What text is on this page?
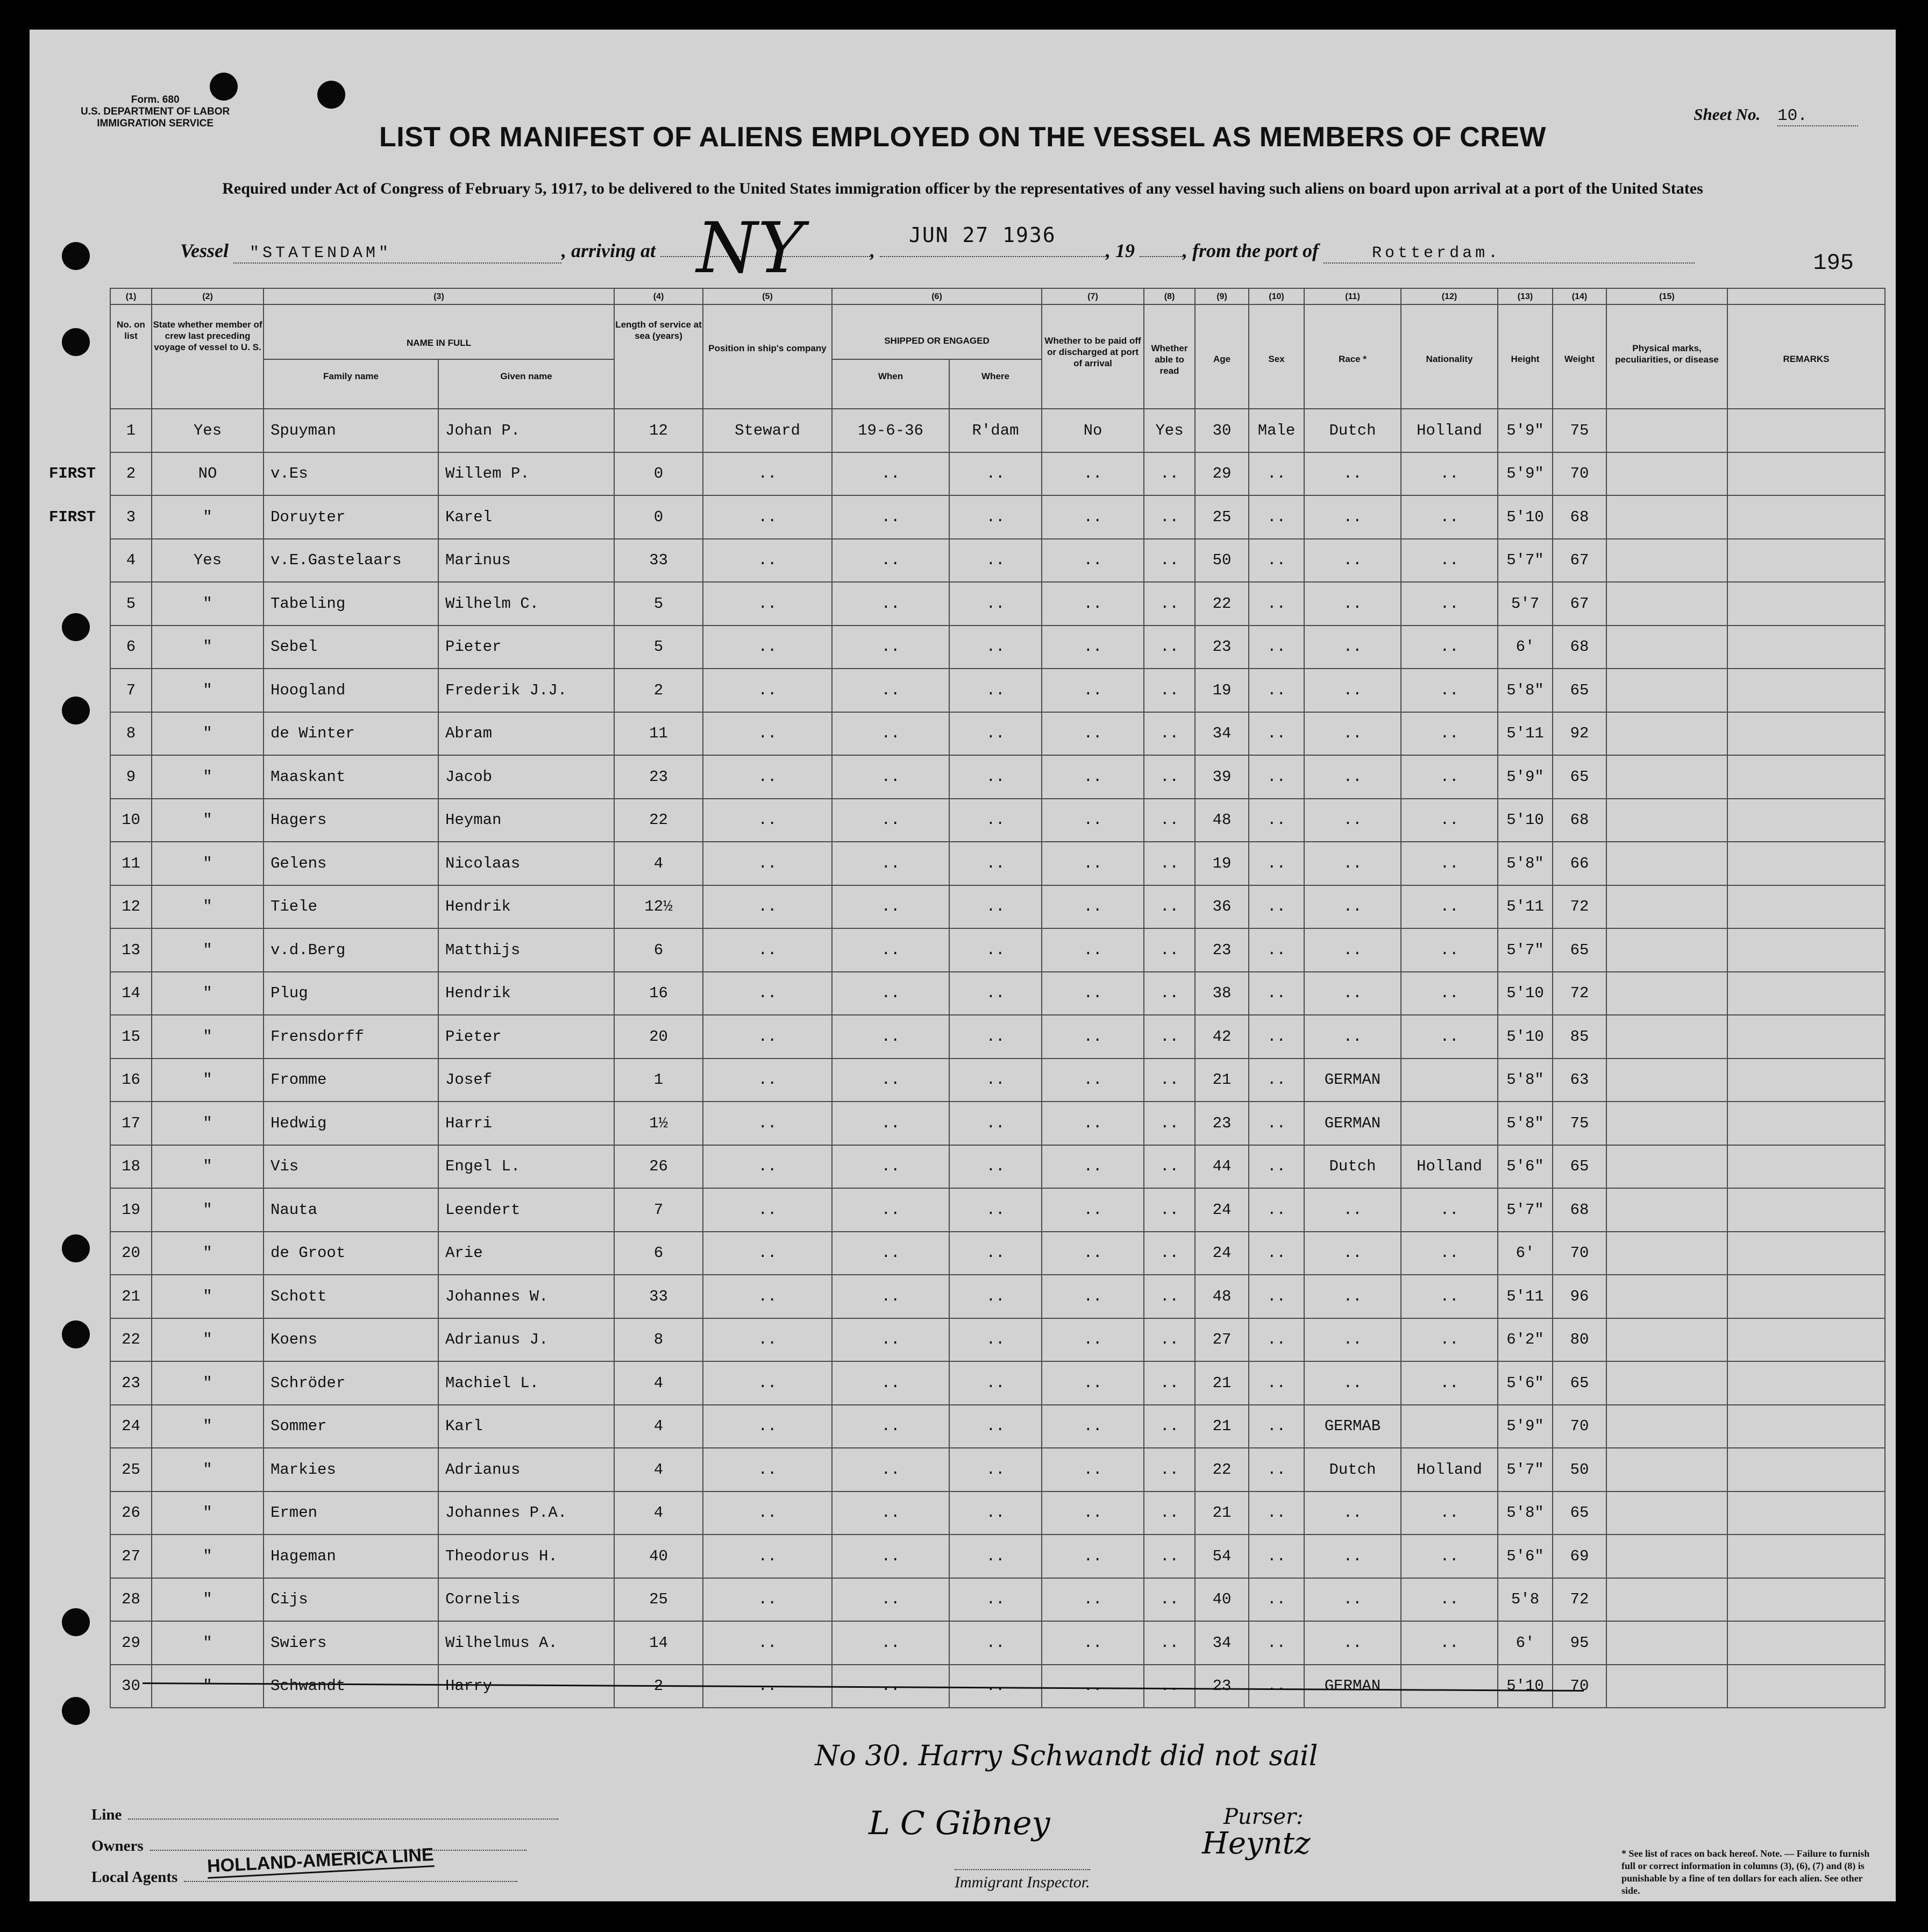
Form. 680
U.S. DEPARTMENT OF LABOR
IMMIGRATION SERVICE	Sheet No. 10.
LIST OR MANIFEST OF ALIENS EMPLOYED ON THE VESSEL AS MEMBERS OF CREW
Required under Act of Congress of February 5, 1917, to be delivered to the United States immigration officer by the representatives of any vessel having such aliens on board upon arrival at a port of the United States
Vessel "STATENDAM"	, arriving at	,	, 19 , from the port of	Rotterdam.
NY	JUN 27 1936
195
	(1)	(2)	(3)		(4)	(5)	(6)		(7)	(8)	(9)	(10)	(11)	(12)	(13)	(14)	(15)	
	No. on list	State whether member of crew last preceding voyage of vessel to U. S.	NAME IN FULL		Length of service at sea (years)	Position in ship's company	SHIPPED OR ENGAGED		Whether to be paid off or discharged at port of arrival	Whether able to read	Age	Sex	Race *	Nationality	Height	Weight	Physical marks, peculiarities, or disease	REMARKS
			Family name	Given name			When	Where										
	1	Yes	Spuyman	Johan P.	12	Steward	19-6-36	R'dam	No	Yes	30	Male	Dutch	Holland	5'9"	75		
FIRST	2	NO	v.Es	Willem P.	0	..	..	..	..	..	29	..	..	..	5'9"	70		
FIRST	3	"	Doruyter	Karel	0	..	..	..	..	..	25	..	..	..	5'10	68		
	4	Yes	v.E.Gastelaars	Marinus	33	..	..	..	..	..	50	..	..	..	5'7"	67		
	5	"	Tabeling	Wilhelm C.	5	..	..	..	..	..	22	..	..	..	5'7	67		
	6	"	Sebel	Pieter	5	..	..	..	..	..	23	..	..	..	6'	68		
	7	"	Hoogland	Frederik J.J.	2	..	..	..	..	..	19	..	..	..	5'8"	65		
	8	"	de Winter	Abram	11	..	..	..	..	..	34	..	..	..	5'11	92		
	9	"	Maaskant	Jacob	23	..	..	..	..	..	39	..	..	..	5'9"	65		
	10	"	Hagers	Heyman	22	..	..	..	..	..	48	..	..	..	5'10	68		
	11	"	Gelens	Nicolaas	4	..	..	..	..	..	19	..	..	..	5'8"	66		
	12	"	Tiele	Hendrik	12½	..	..	..	..	..	36	..	..	..	5'11	72		
	13	"	v.d.Berg	Matthijs	6	..	..	..	..	..	23	..	..	..	5'7"	65		
	14	"	Plug	Hendrik	16	..	..	..	..	..	38	..	..	..	5'10	72		
	15	"	Frensdorff	Pieter	20	..	..	..	..	..	42	..	..	..	5'10	85		
	16	"	Fromme	Josef	1	..	..	..	..	..	21	..	GERMAN		5'8"	63		
	17	"	Hedwig	Harri	1½	..	..	..	..	..	23	..	GERMAN		5'8"	75		
	18	"	Vis	Engel L.	26	..	..	..	..	..	44	..	Dutch	Holland	5'6"	65		
	19	"	Nauta	Leendert	7	..	..	..	..	..	24	..	..	..	5'7"	68		
	20	"	de Groot	Arie	6	..	..	..	..	..	24	..	..	..	6'	70		
	21	"	Schott	Johannes W.	33	..	..	..	..	..	48	..	..	..	5'11	96		
	22	"	Koens	Adrianus J.	8	..	..	..	..	..	27	..	..	..	6'2"	80		
	23	"	Schröder	Machiel L.	4	..	..	..	..	..	21	..	..	..	5'6"	65		
	24	"	Sommer	Karl	4	..	..	..	..	..	21	..	GERMAB		5'9"	70		
	25	"	Markies	Adrianus	4	..	..	..	..	..	22	..	Dutch	Holland	5'7"	50		
	26	"	Ermen	Johannes P.A.	4	..	..	..	..	..	21	..	..	..	5'8"	65		
	27	"	Hageman	Theodorus H.	40	..	..	..	..	..	54	..	..	..	5'6"	69		
	28	"	Cijs	Cornelis	25	..	..	..	..	..	40	..	..	..	5'8	72		
	29	"	Swiers	Wilhelmus A.	14	..	..	..	..	..	34	..	..	..	6'	95		
	30	"	Schwandt	Harry	2	..	..	..	..	..	23	..	GERMAN		5'10	70		
No 30. Harry Schwandt did not sail
Line
Owners
Local Agents
HOLLAND-AMERICA LINE
L C Gibney
Immigrant Inspector.
Purser:
Heyntz	* See list of races on back hereof. Note. — Failure to furnish full or correct information in columns (3), (6), (7) and (8) is punishable by a fine of ten dollars for each alien. See other side.
